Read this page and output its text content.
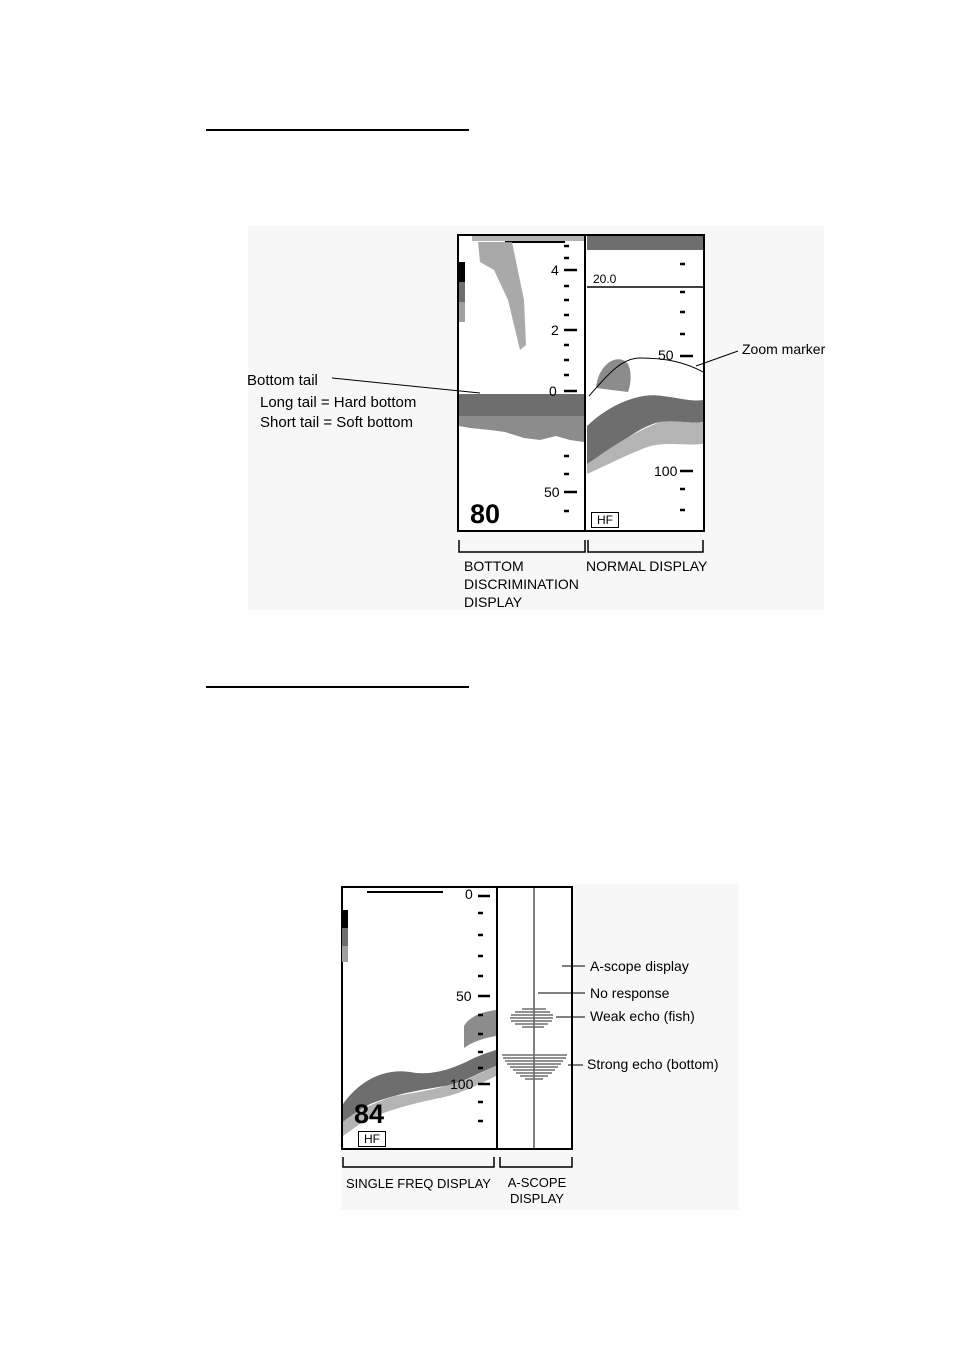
4
2
0
50
50
100
20.0
80	HF
Bottom tail
Long tail = Hard bottom
Short tail = Soft bottom
Zoom marker
BOTTOM
DISCRIMINATION
DISPLAY
NORMAL DISPLAY
0
50
100
84
HF
A-scope display
No response
Weak echo (fish)
Strong echo (bottom)
SINGLE FREQ DISPLAY A-SCOPE
DISPLAY
